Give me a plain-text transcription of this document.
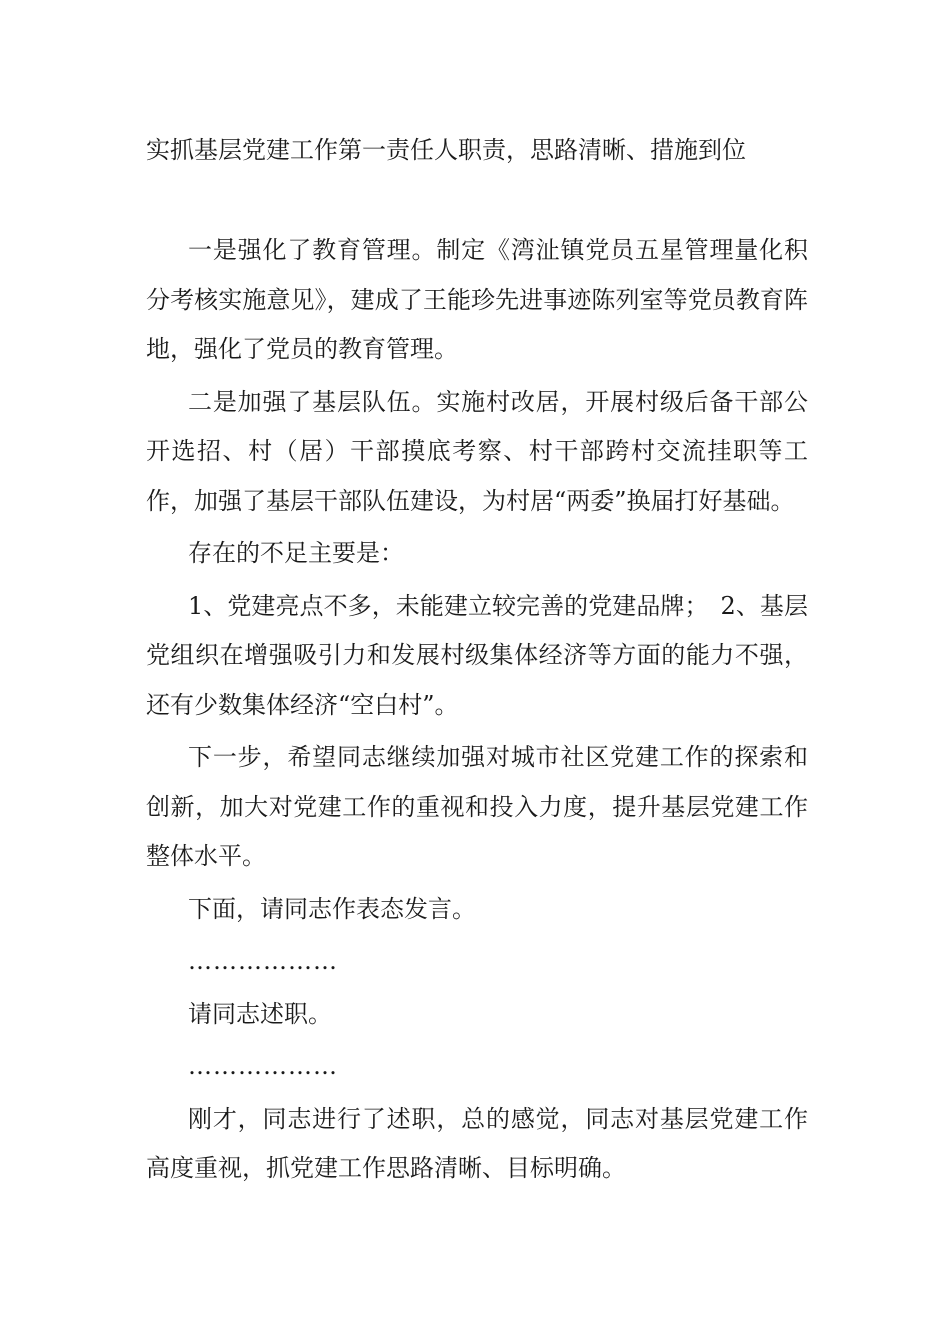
实抓基层党建工作第一责任人职责，思路清晰、措施到位

一是强化了教育管理。制定《湾沚镇党员五星管理量化积分考核实施意见》，建成了王能珍先进事迹陈列室等党员教育阵地，强化了党员的教育管理。

二是加强了基层队伍。实施村改居，开展村级后备干部公开选招、村（居）干部摸底考察、村干部跨村交流挂职等工作，加强了基层干部队伍建设，为村居“两委”换届打好基础。

存在的不足主要是：

1、党建亮点不多，未能建立较完善的党建品牌；　2、基层党组织在增强吸引力和发展村级集体经济等方面的能力不强，还有少数集体经济“空白村”。

下一步，希望同志继续加强对城市社区党建工作的探索和创新，加大对党建工作的重视和投入力度，提升基层党建工作整体水平。

下面，请同志作表态发言。

………………

请同志述职。

………………

刚才，同志进行了述职，总的感觉，同志对基层党建工作高度重视，抓党建工作思路清晰、目标明确。
